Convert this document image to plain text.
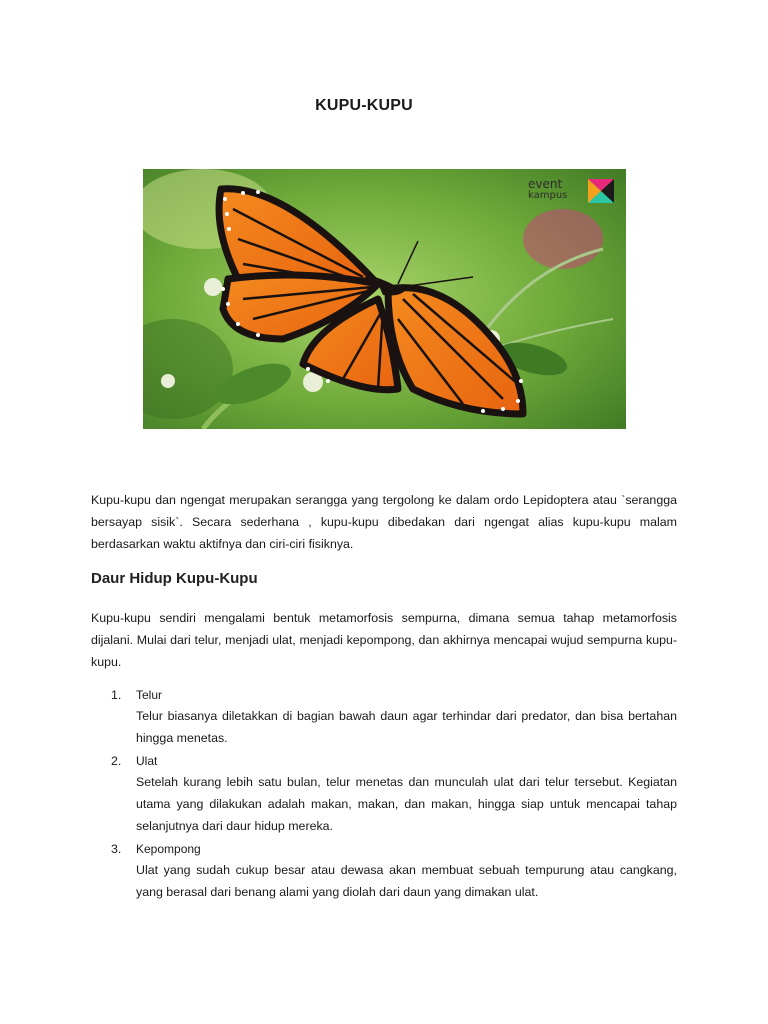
KUPU-KUPU
event
kampus

Kupu-kupu dan ngengat merupakan serangga yang tergolong ke dalam ordo Lepidoptera atau `serangga bersayap sisik`. Secara sederhana , kupu-kupu dibedakan dari ngengat alias kupu-kupu malam berdasarkan waktu aktifnya dan ciri-ciri fisiknya.

Daur Hidup Kupu-Kupu

Kupu-kupu sendiri mengalami bentuk metamorfosis sempurna, dimana semua tahap metamorfosis dijalani. Mulai dari telur, menjadi ulat, menjadi kepompong, dan akhirnya mencapai wujud sempurna kupu-kupu.

1. Telur
Telur biasanya diletakkan di bagian bawah daun agar terhindar dari predator, dan bisa bertahan hingga menetas.
2. Ulat
Setelah kurang lebih satu bulan, telur menetas dan munculah ulat dari telur tersebut. Kegiatan utama yang dilakukan adalah makan, makan, dan makan, hingga siap untuk mencapai tahap selanjutnya dari daur hidup mereka.
3. Kepompong
Ulat yang sudah cukup besar atau dewasa akan membuat sebuah tempurung atau cangkang, yang berasal dari benang alami yang diolah dari daun yang dimakan ulat.
